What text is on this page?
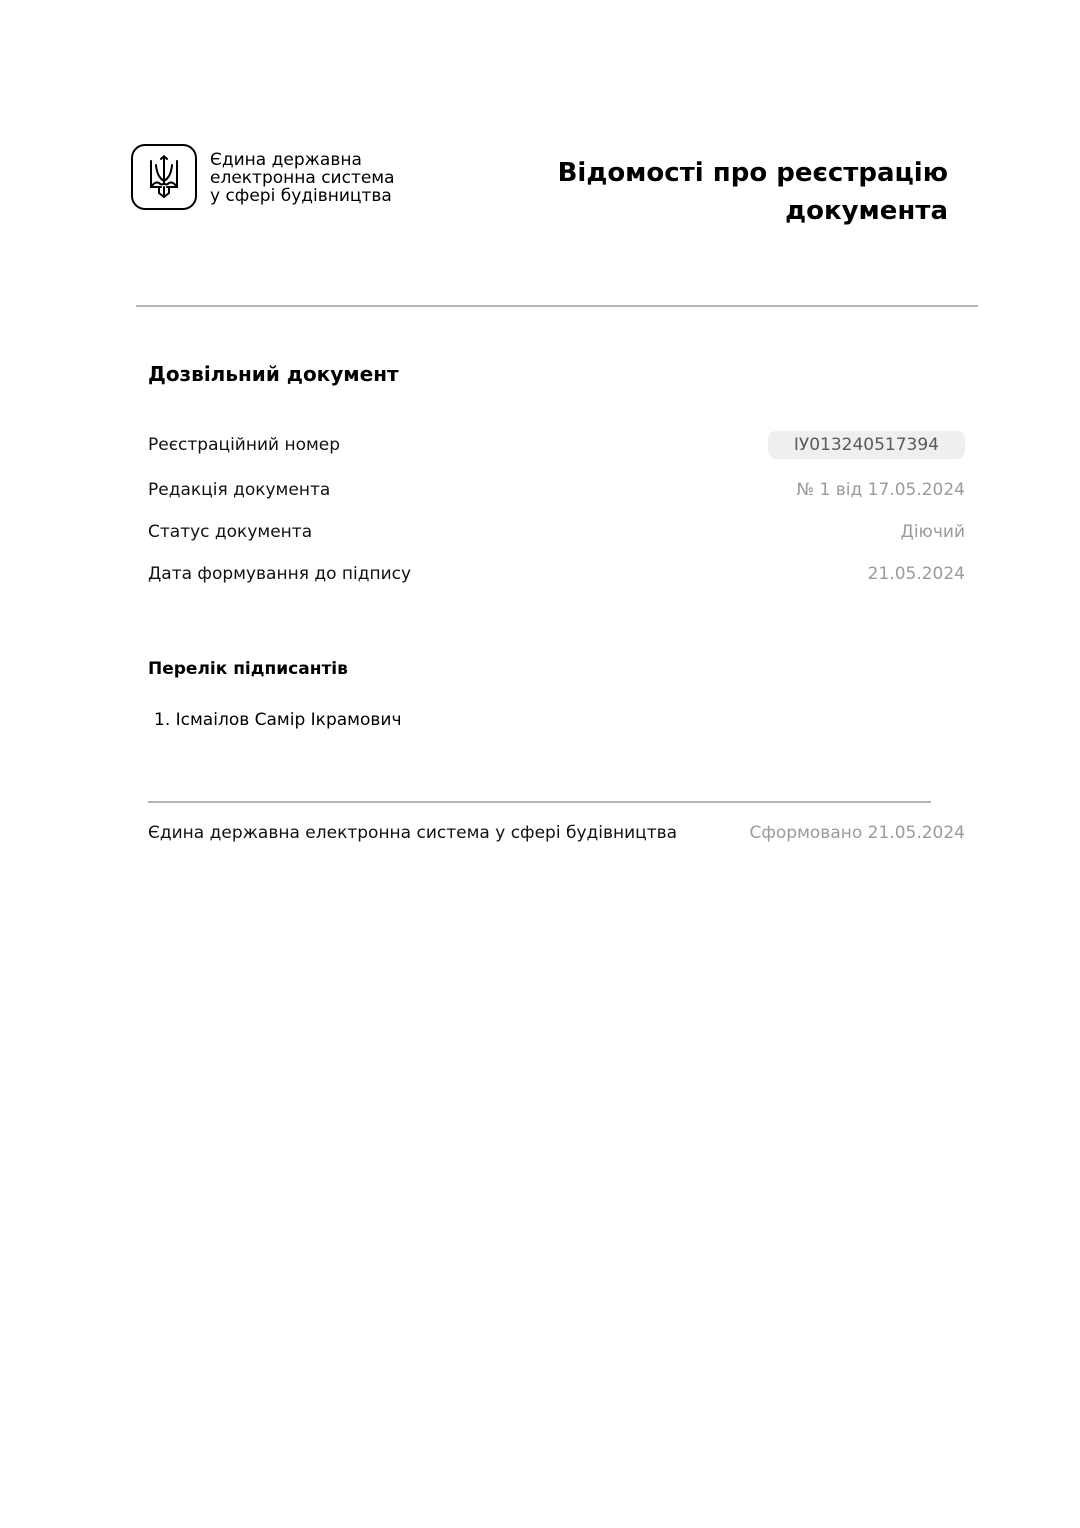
Єдина державна
електронна система
у сфері будівництва
Відомості про реєстрацію
документа
Дозвільний документ
Реєстраційний номер	ІУ013240517394
Редакція документа	№ 1 від 17.05.2024
Статус документа	Діючий
Дата формування до підпису	21.05.2024
Перелік підписантів
1. Ісмаілов Самір Ікрамович
Єдина державна електронна система у сфері будівництва	Сформовано 21.05.2024
